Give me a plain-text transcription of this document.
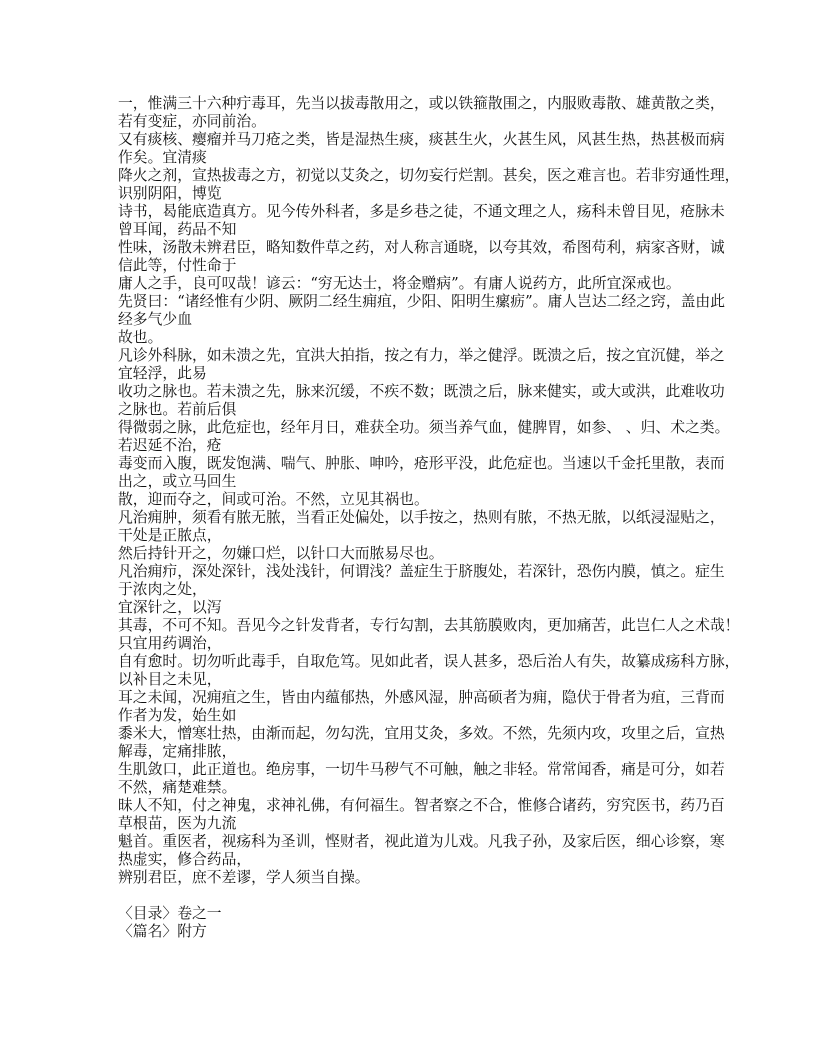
一，惟满三十六种疔毒耳，先当以拔毒散用之，或以铁箍散围之，内服败毒散、雄黄散之类，
若有变症，亦同前治。
又有痰核、瘿瘤并马刀疮之类，皆是湿热生痰，痰甚生火，火甚生风，风甚生热，热甚极而病
作矣。宜清痰
降火之剂，宣热拔毒之方，初觉以艾灸之，切勿妄行烂割。甚矣，医之难言也。若非穷通性理，
识别阴阳，博览
诗书，曷能底造真方。见今传外科者，多是乡巷之徒，不通文理之人，疡科未曾目见，疮脉未
曾耳闻，药品不知
性味，汤散未辨君臣，略知数件草之药，对人称言通晓，以夸其效，希图苟利，病家吝财，诚
信此等，付性命于
庸人之手，良可叹哉！谚云：“穷无达士，将金赠病”。有庸人说药方，此所宜深戒也。
先贤曰：“诸经惟有少阴、厥阴二经生痈疽，少阳、阳明生瘰疬”。庸人岂达二经之窍，盖由此
经多气少血
故也。
凡诊外科脉，如未溃之先，宜洪大拍指，按之有力，举之健浮。既溃之后，按之宜沉健，举之
宜轻浮，此易
收功之脉也。若未溃之先，脉来沉缓，不疾不数；既溃之后，脉来健实，或大或洪，此难收功
之脉也。若前后俱
得微弱之脉，此危症也，经年月日，难获全功。须当养气血，健脾胃，如参、 、归、术之类。
若迟延不治，疮
毒变而入腹，既发饱满、喘气、肿胀、呻吟，疮形平没，此危症也。当速以千金托里散，表而
出之，或立马回生
散，迎而夺之，间或可治。不然，立见其祸也。
凡治痈肿，须看有脓无脓，当看正处偏处，以手按之，热则有脓，不热无脓，以纸浸湿贴之，
干处是正脓点，
然后持针开之，勿嫌口烂，以针口大而脓易尽也。
凡治痈疖，深处深针，浅处浅针，何谓浅？盖症生于脐腹处，若深针，恐伤内膜，慎之。症生
于浓肉之处，
宜深针之，以泻
其毒，不可不知。吾见今之针发背者，专行勾割，去其筋膜败肉，更加痛苦，此岂仁人之术哉！
只宜用药调治，
自有愈时。切勿听此毒手，自取危笃。见如此者，误人甚多，恐后治人有失，故纂成疡科方脉，
以补目之未见，
耳之未闻，况痈疽之生，皆由内蕴郁热，外感风湿，肿高硕者为痈，隐伏于骨者为疽，三背而
作者为发，始生如
黍米大，憎寒壮热，由渐而起，勿勾洗，宜用艾灸，多效。不然，先须内攻，攻里之后，宣热
解毒，定痛排脓，
生肌敛口，此正道也。绝房事，一切牛马秽气不可触，触之非轻。常常闻香，痛是可分，如若
不然，痛楚难禁。
昧人不知，付之神鬼，求神礼佛，有何福生。智者察之不合，惟修合诸药，穷究医书，药乃百
草根苗，医为九流
魁首。重医者，视疡科为圣训，悭财者，视此道为儿戏。凡我子孙，及家后医，细心诊察，寒
热虚实，修合药品，
辨别君臣，庶不差谬，学人须当自操。
〈目录〉卷之一
〈篇名〉附方
